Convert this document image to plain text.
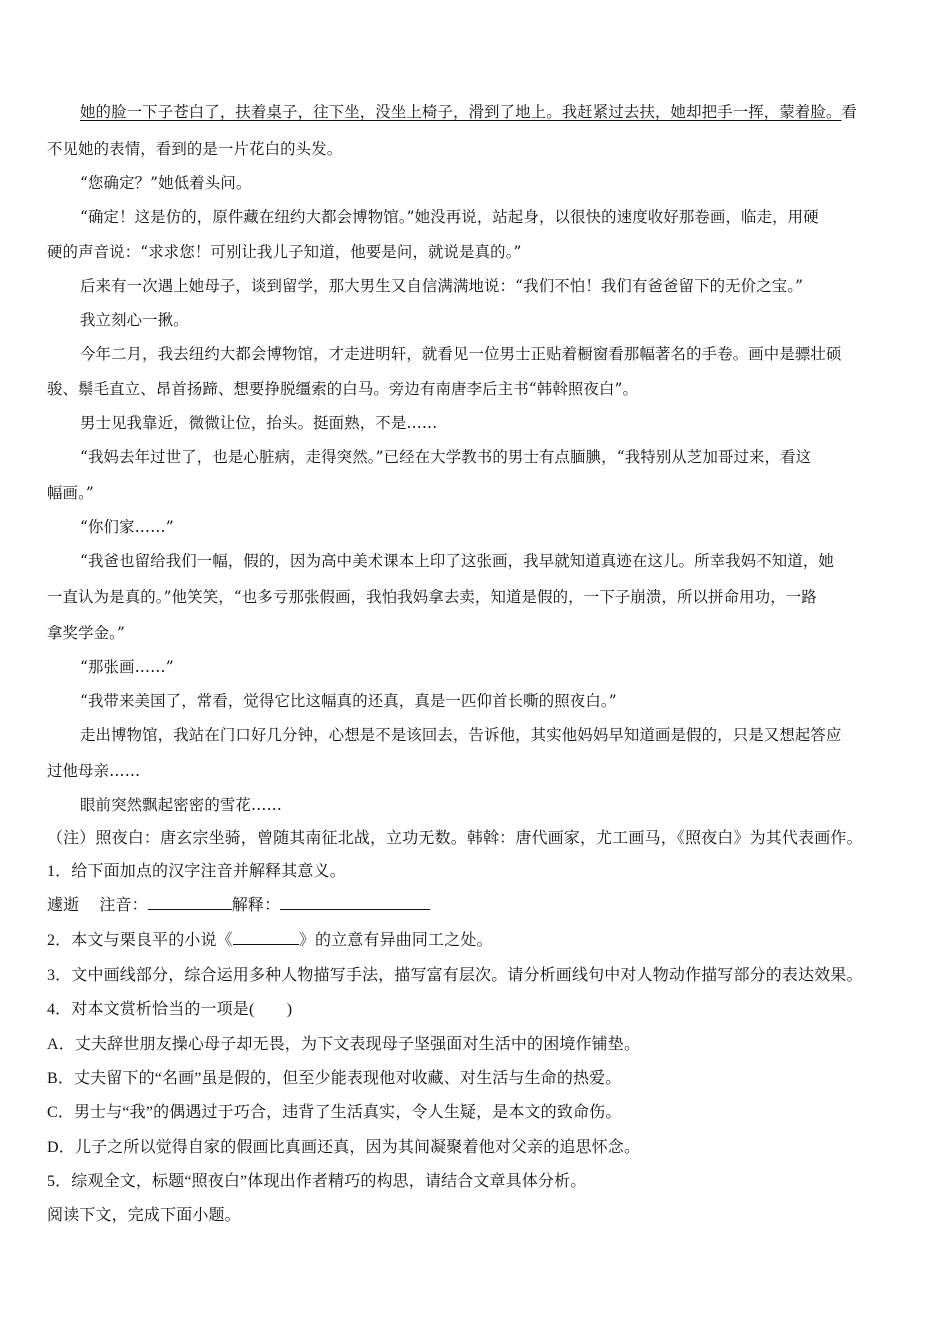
她的脸一下子苍白了，扶着桌子，往下坐，没坐上椅子，滑到了地上。我赶紧过去扶，她却把手一挥，蒙着脸。看
不见她的表情，看到的是一片花白的头发。
“您确定？”她低着头问。
“确定！这是仿的，原件藏在纽约大都会博物馆。”她没再说，站起身，以很快的速度收好那卷画，临走，用硬
硬的声音说：“求求您！可别让我儿子知道，他要是问，就说是真的。”
后来有一次遇上她母子，谈到留学，那大男生又自信满满地说：“我们不怕！我们有爸爸留下的无价之宝。”
我立刻心一揪。
今年二月，我去纽约大都会博物馆，才走进明轩，就看见一位男士正贴着橱窗看那幅著名的手卷。画中是骠壮硕
骏、鬃毛直立、昂首扬蹄、想要挣脱缰索的白马。旁边有南唐李后主书“韩斡照夜白”。
男士见我靠近，微微让位，抬头。挺面熟，不是……
“我妈去年过世了，也是心脏病，走得突然。”已经在大学教书的男士有点腼腆，“我特别从芝加哥过来，看这
幅画。”
“你们家……”
“我爸也留给我们一幅，假的，因为高中美术课本上印了这张画，我早就知道真迹在这儿。所幸我妈不知道，她
一直认为是真的。”他笑笑，“也多亏那张假画，我怕我妈拿去卖，知道是假的，一下子崩溃，所以拼命用功，一路
拿奖学金。”
“那张画……”
“我带来美国了，常看，觉得它比这幅真的还真，真是一匹仰首长嘶的照夜白。”
走出博物馆，我站在门口好几分钟，心想是不是该回去，告诉他，其实他妈妈早知道画是假的，只是又想起答应
过他母亲……
眼前突然飘起密密的雪花……
（注）照夜白：唐玄宗坐骑，曾随其南征北战，立功无数。韩斡：唐代画家，尤工画马，《照夜白》为其代表画作。
1．给下面加点的汉字注音并解释其意义。
遽逝 注音：	解释：
2．本文与栗良平的小说《	》的立意有异曲同工之处。
3．文中画线部分，综合运用多种人物描写手法，描写富有层次。请分析画线句中对人物动作描写部分的表达效果。
4．对本文赏析恰当的一项是(　　)
A．丈夫辞世朋友操心母子却无畏，为下文表现母子坚强面对生活中的困境作铺垫。
B．丈夫留下的“名画”虽是假的，但至少能表现他对收藏、对生活与生命的热爱。
C．男士与“我”的偶遇过于巧合，违背了生活真实，令人生疑，是本文的致命伤。
D．儿子之所以觉得自家的假画比真画还真，因为其间凝聚着他对父亲的追思怀念。
5．综观全文，标题“照夜白”体现出作者精巧的构思，请结合文章具体分析。
阅读下文，完成下面小题。
